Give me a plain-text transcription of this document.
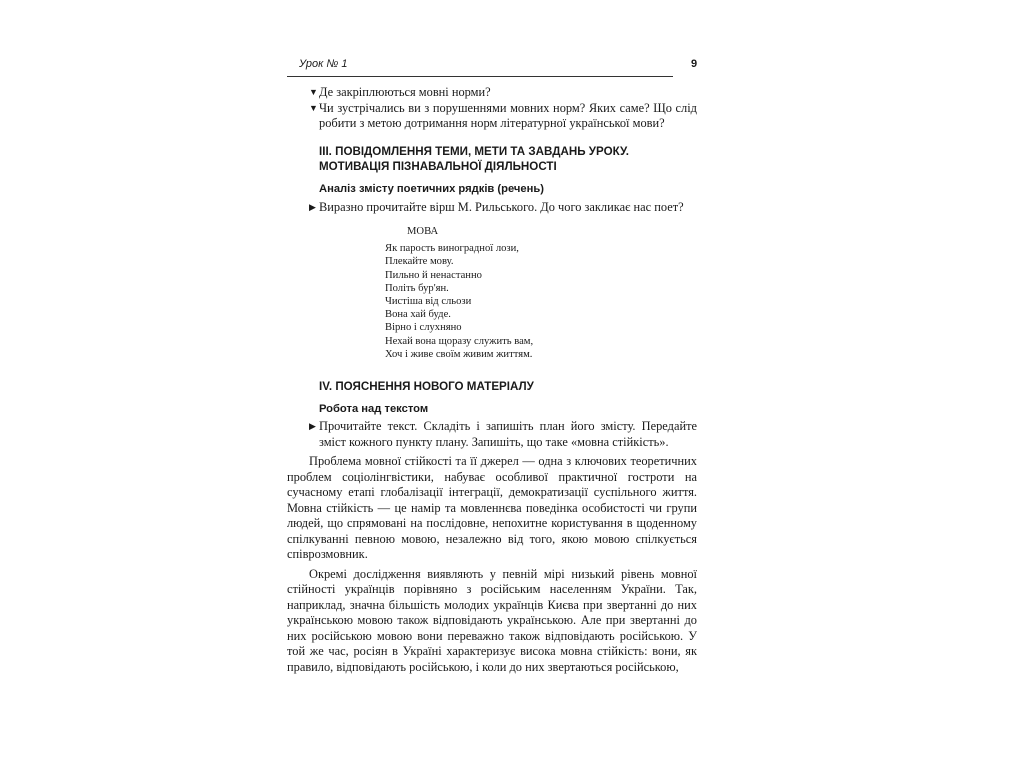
Урок № 1	9
▼ Де закріплюються мовні норми?
▼ Чи зустрічались ви з порушеннями мовних норм? Яких саме? Що слід робити з метою дотримання норм літературної української мови?
III. ПОВІДОМЛЕННЯ ТЕМИ, МЕТИ ТА ЗАВДАНЬ УРОКУ.
МОТИВАЦІЯ ПІЗНАВАЛЬНОЇ ДІЯЛЬНОСТІ
Аналіз змісту поетичних рядків (речень)
▶ Виразно прочитайте вірш М. Рильського. До чого закликає нас поет?
МОВА
Як парость виноградної лози,
Плекайте мову.
Пильно й ненастанно
Політь бур'ян.
Чистіша від сльози
Вона хай буде.
Вірно і слухняно
Нехай вона щоразу служить вам,
Хоч і живе своїм живим життям.
IV. ПОЯСНЕННЯ НОВОГО МАТЕРІАЛУ
Робота над текстом
▶ Прочитайте текст. Складіть і запишіть план його змісту. Передайте зміст кожного пункту плану. Запишіть, що таке «мовна стійкість».
Проблема мовної стійкості та її джерел — одна з ключових теоретичних проблем соціолінгвістики, набуває особливої практичної гостроти на сучасному етапі глобалізації інтеграції, демократизації суспільного життя. Мовна стійкість — це намір та мовленнєва поведінка особистості чи групи людей, що спрямовані на послідовне, непохитне користування в щоденному спілкуванні певною мовою, незалежно від того, якою мовою спілкується співрозмовник.
Окремі дослідження виявляють у певній мірі низький рівень мовної стійності українців порівняно з російським населенням України. Так, наприклад, значна більшість молодих українців Києва при звертанні до них українською мовою також відповідають українською. Але при звертанні до них російською мовою вони переважно також відповідають російською. У той же час, росіян в Україні характеризує висока мовна стійкість: вони, як правило, відповідають російською, і коли до них звертаються російською,
